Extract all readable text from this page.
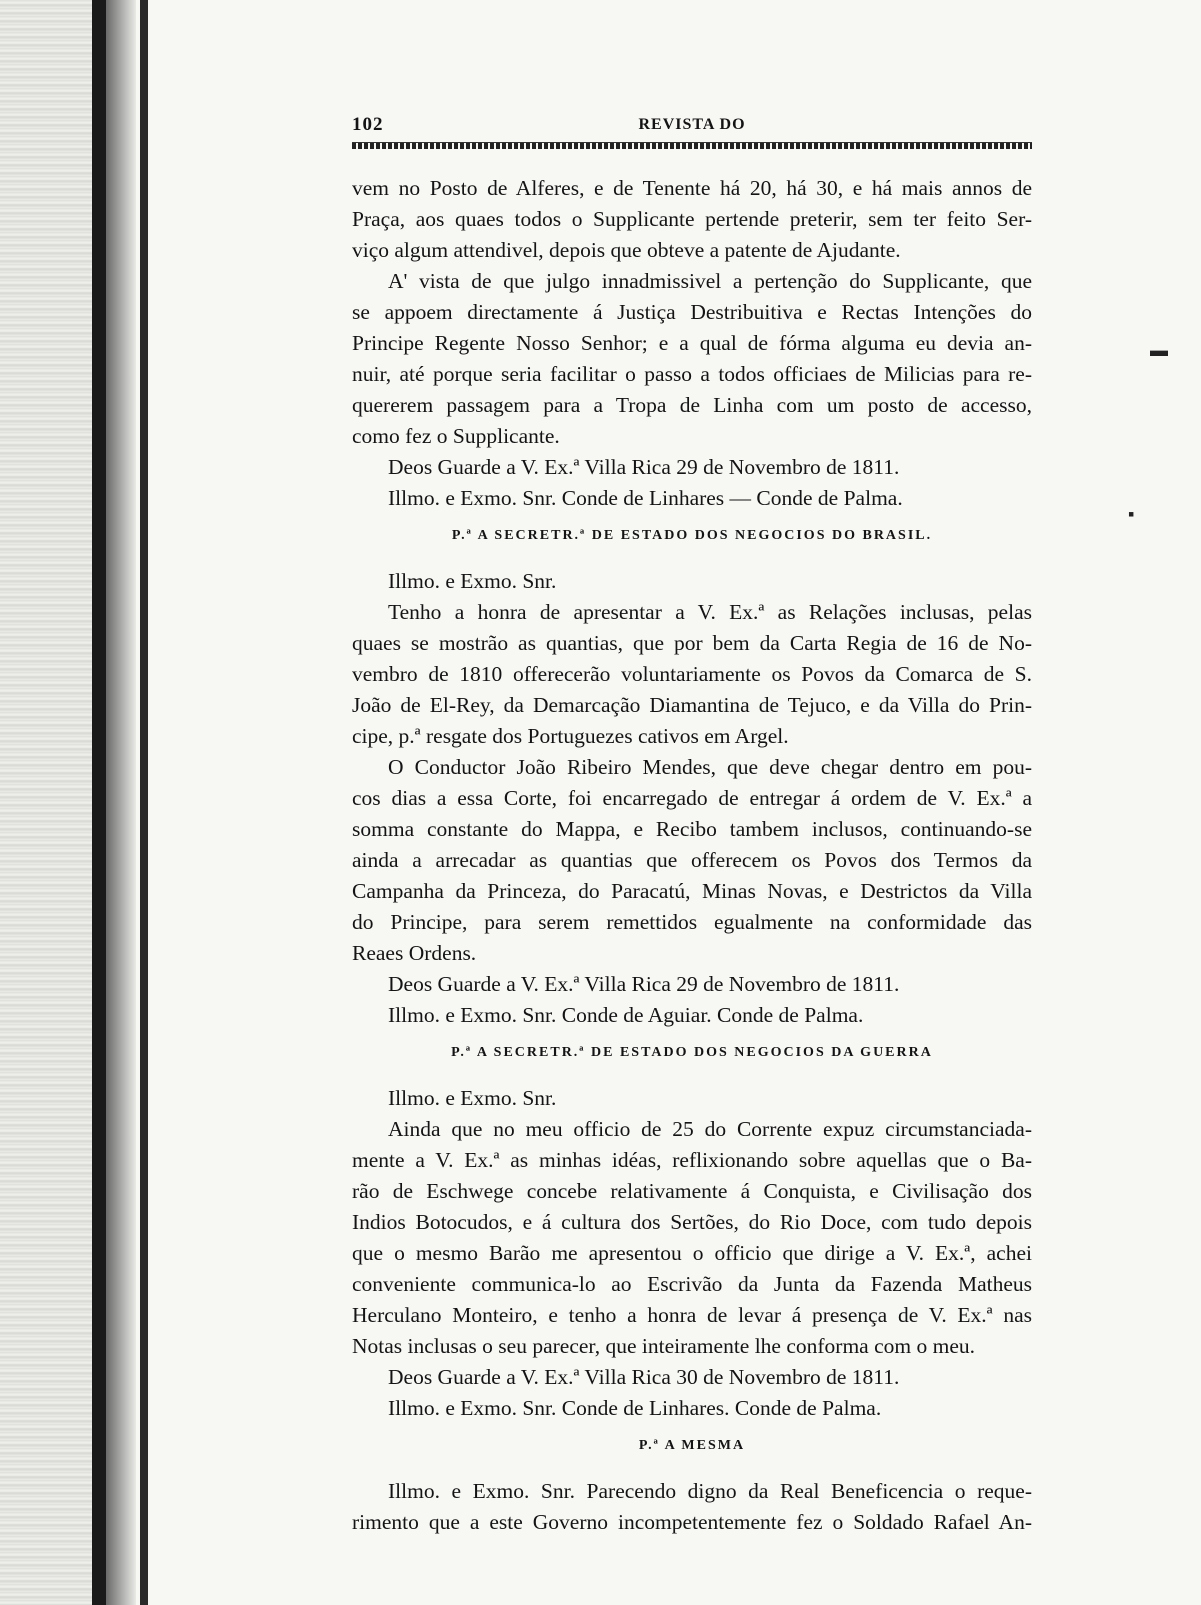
102	REVISTA DO

vem no Posto de Alferes, e de Tenente há 20, há 30, e há mais annos de

Praça, aos quaes todos o Supplicante pertende preterir, sem ter feito Ser-

viço algum attendivel, depois que obteve a patente de Ajudante.

A' vista de que julgo innadmissivel a pertenção do Supplicante, que

se appoem directamente á Justiça Destribuitiva e Rectas Intenções do

Principe Regente Nosso Senhor; e a qual de fórma alguma eu devia an-

nuir, até porque seria facilitar o passo a todos officiaes de Milicias para re-

quererem passagem para a Tropa de Linha com um posto de accesso,

como fez o Supplicante.

Deos Guarde a V. Ex.ª Villa Rica 29 de Novembro de 1811.

Illmo. e Exmo. Snr. Conde de Linhares — Conde de Palma.

P.ª A SECRETR.ª DE ESTADO DOS NEGOCIOS DO BRASIL.

Illmo. e Exmo. Snr.

Tenho a honra de apresentar a V. Ex.ª as Relações inclusas, pelas

quaes se mostrão as quantias, que por bem da Carta Regia de 16 de No-

vembro de 1810 offerecerão voluntariamente os Povos da Comarca de S.

João de El-Rey, da Demarcação Diamantina de Tejuco, e da Villa do Prin-

cipe, p.ª resgate dos Portuguezes cativos em Argel.

O Conductor João Ribeiro Mendes, que deve chegar dentro em pou-

cos dias a essa Corte, foi encarregado de entregar á ordem de V. Ex.ª a

somma constante do Mappa, e Recibo tambem inclusos, continuando-se

ainda a arrecadar as quantias que offerecem os Povos dos Termos da

Campanha da Princeza, do Paracatú, Minas Novas, e Destrictos da Villa

do Principe, para serem remettidos egualmente na conformidade das

Reaes Ordens.

Deos Guarde a V. Ex.ª Villa Rica 29 de Novembro de 1811.

Illmo. e Exmo. Snr. Conde de Aguiar. Conde de Palma.

P.ª A SECRETR.ª DE ESTADO DOS NEGOCIOS DA GUERRA

Illmo. e Exmo. Snr.

Ainda que no meu officio de 25 do Corrente expuz circumstanciada-

mente a V. Ex.ª as minhas idéas, reflixionando sobre aquellas que o Ba-

rão de Eschwege concebe relativamente á Conquista, e Civilisação dos

Indios Botocudos, e á cultura dos Sertões, do Rio Doce, com tudo depois

que o mesmo Barão me apresentou o officio que dirige a V. Ex.ª, achei

conveniente communica-lo ao Escrivão da Junta da Fazenda Matheus

Herculano Monteiro, e tenho a honra de levar á presença de V. Ex.ª nas

Notas inclusas o seu parecer, que inteiramente lhe conforma com o meu.

Deos Guarde a V. Ex.ª Villa Rica 30 de Novembro de 1811.

Illmo. e Exmo. Snr. Conde de Linhares. Conde de Palma.

P.ª A MESMA

Illmo. e Exmo. Snr. Parecendo digno da Real Beneficencia o reque-

rimento que a este Governo incompetentemente fez o Soldado Rafael An-

▪
▬
